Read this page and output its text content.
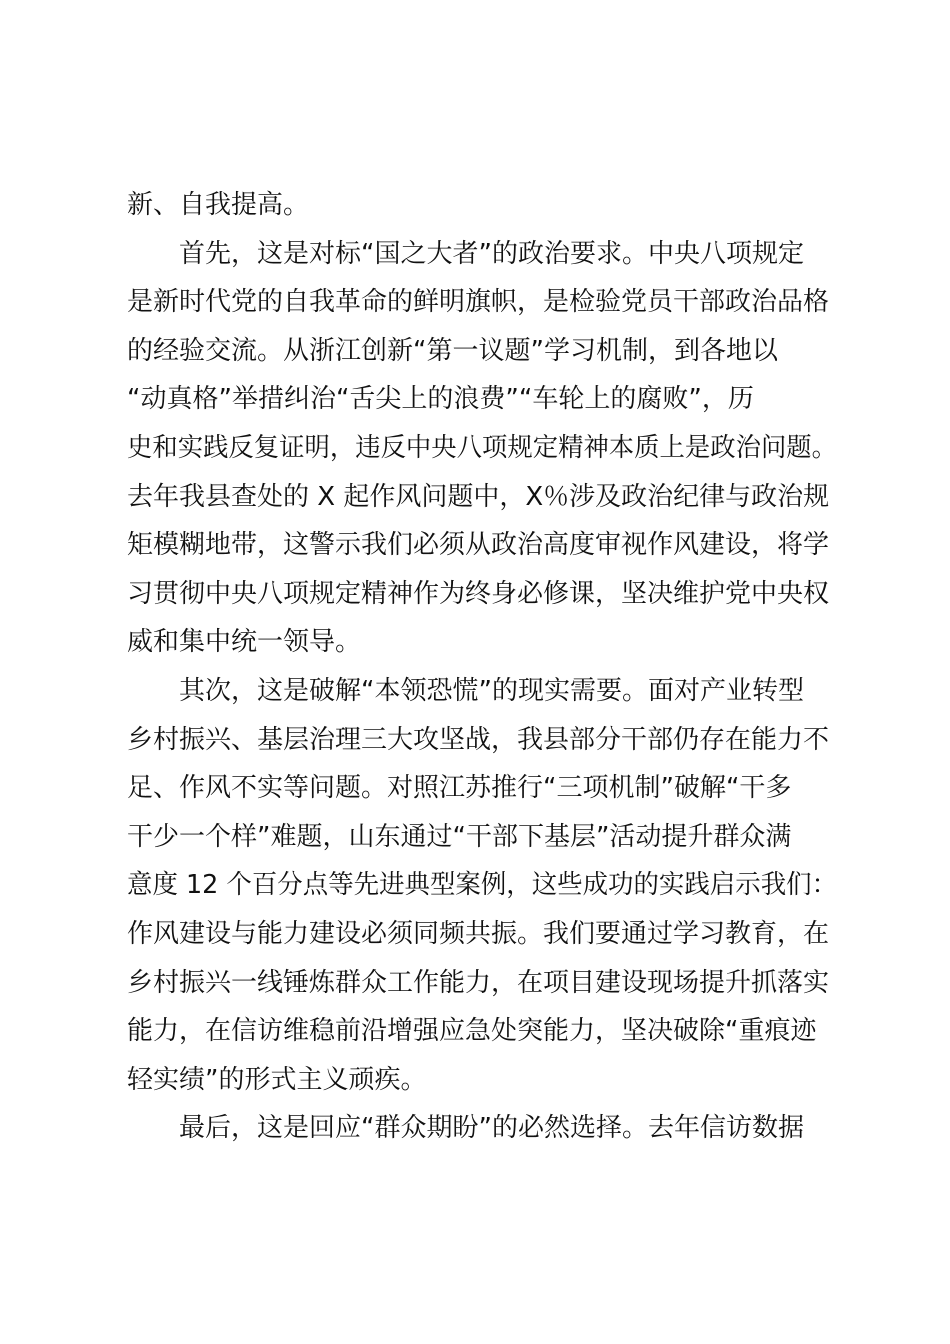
新、自我提高。
首先，这是对标“国之大者”的政治要求。中央八项规定
是新时代党的自我革命的鲜明旗帜，是检验党员干部政治品格
的经验交流。从浙江创新“第一议题”学习机制，到各地以
“动真格”举措纠治“舌尖上的浪费”“车轮上的腐败”，历
史和实践反复证明，违反中央八项规定精神本质上是政治问题。
去年我县查处的 X 起作风问题中，X％涉及政治纪律与政治规
矩模糊地带，这警示我们必须从政治高度审视作风建设，将学
习贯彻中央八项规定精神作为终身必修课，坚决维护党中央权
威和集中统一领导。
其次，这是破解“本领恐慌”的现实需要。面对产业转型
乡村振兴、基层治理三大攻坚战，我县部分干部仍存在能力不
足、作风不实等问题。对照江苏推行“三项机制”破解“干多
干少一个样”难题，山东通过“干部下基层”活动提升群众满
意度 12 个百分点等先进典型案例，这些成功的实践启示我们：
作风建设与能力建设必须同频共振。我们要通过学习教育，在
乡村振兴一线锤炼群众工作能力，在项目建设现场提升抓落实
能力，在信访维稳前沿增强应急处突能力，坚决破除“重痕迹
轻实绩”的形式主义顽疾。
最后，这是回应“群众期盼”的必然选择。去年信访数据
